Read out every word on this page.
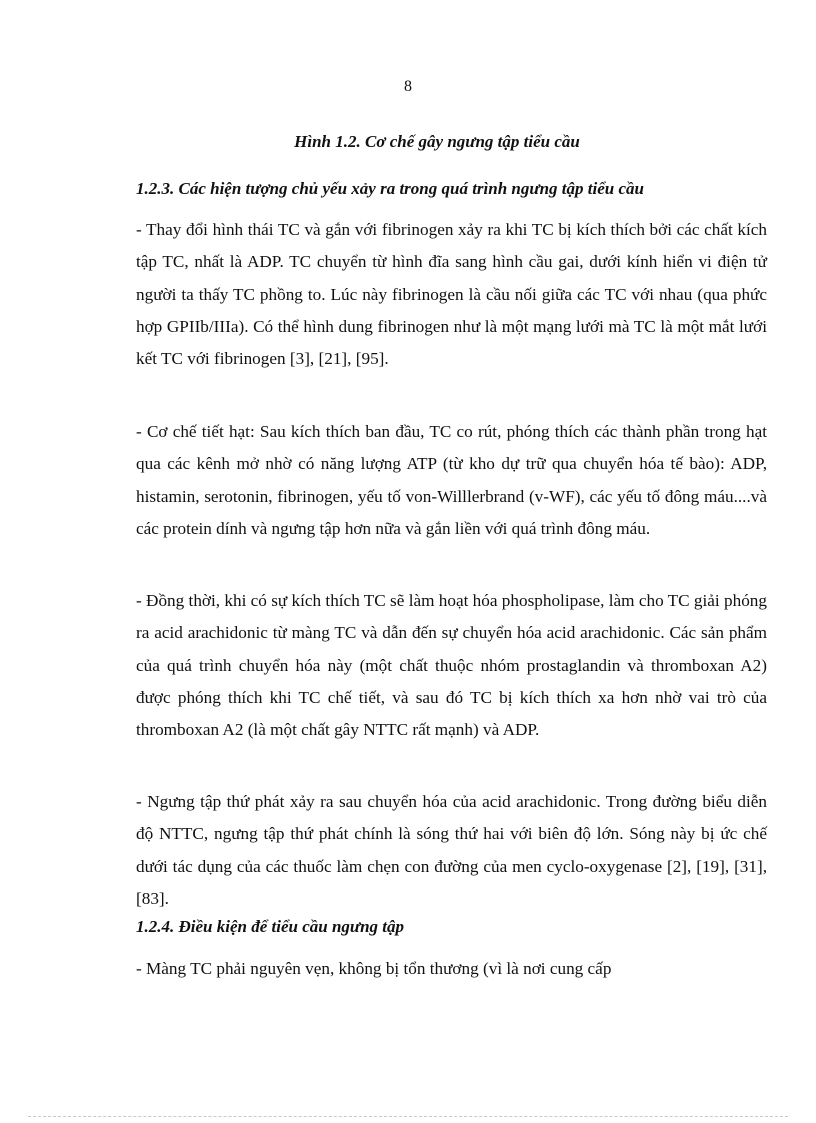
8
Hình 1.2. Cơ chế gây ngưng tập tiểu cầu
1.2.3. Các hiện tượng chủ yếu xảy ra trong quá trình ngưng tập tiểu cầu

- Thay đổi hình thái TC và gắn với fibrinogen xảy ra khi TC bị kích thích bởi các chất kích tập TC, nhất là ADP. TC chuyển từ hình đĩa sang hình cầu gai, dưới kính hiển vi điện tử người ta thấy TC phồng to. Lúc này fibrinogen là cầu nối giữa các TC với nhau (qua phức hợp GPIIb/IIIa). Có thể hình dung fibrinogen như là một mạng lưới mà TC là một mắt lưới kết TC với fibrinogen [3], [21], [95].

- Cơ chế tiết hạt: Sau kích thích ban đầu, TC co rút, phóng thích các thành phần trong hạt qua các kênh mở nhờ có năng lượng ATP (từ kho dự trữ qua chuyển hóa tế bào): ADP, histamin, serotonin, fibrinogen, yếu tố von-Willlerbrand (v-WF), các yếu tố đông máu....và các protein dính và ngưng tập hơn nữa và gắn liền với quá trình đông máu.

- Đồng thời, khi có sự kích thích TC sẽ làm hoạt hóa phospholipase, làm cho TC giải phóng ra acid arachidonic từ màng TC và dẫn đến sự chuyển hóa acid arachidonic. Các sản phẩm của quá trình chuyển hóa này (một chất thuộc nhóm prostaglandin và thromboxan A2) được phóng thích khi TC chế tiết, và sau đó TC bị kích thích xa hơn nhờ vai trò của thromboxan A2 (là một chất gây NTTC rất mạnh) và ADP.

- Ngưng tập thứ phát xảy ra sau chuyển hóa của acid arachidonic. Trong đường biểu diễn độ NTTC, ngưng tập thứ phát chính là sóng thứ hai với biên độ lớn. Sóng này bị ức chế dưới tác dụng của các thuốc làm chẹn con đường của men cyclo-oxygenase [2], [19], [31], [83].

1.2.4. Điều kiện để tiểu cầu ngưng tập

- Màng TC phải nguyên vẹn, không bị tổn thương (vì là nơi cung cấp
